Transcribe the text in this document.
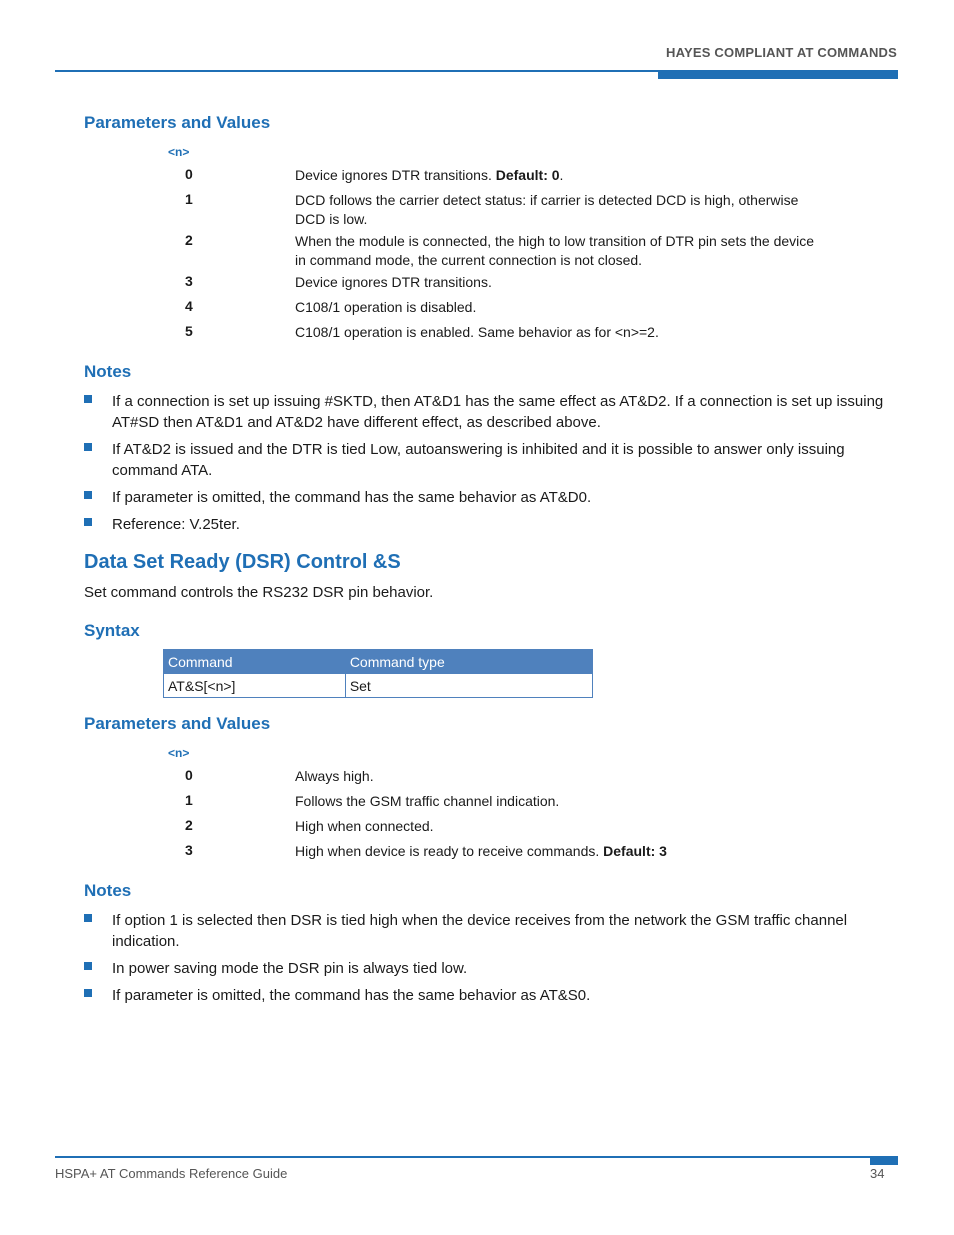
HAYES COMPLIANT AT COMMANDS
Parameters and Values
<n>
0	Device ignores DTR transitions. Default: 0.
1	DCD follows the carrier detect status: if carrier is detected DCD is high, otherwise DCD is low.
2	When the module is connected, the high to low transition of DTR pin sets the device in command mode, the current connection is not closed.
3	Device ignores DTR transitions.
4	C108/1 operation is disabled.
5	C108/1 operation is enabled. Same behavior as for <n>=2.
Notes
If a connection is set up issuing #SKTD, then AT&D1 has the same effect as AT&D2. If a connection is set up issuing AT#SD then AT&D1 and AT&D2 have different effect, as described above.
If AT&D2 is issued and the DTR is tied Low, autoanswering is inhibited and it is possible to answer only issuing command ATA.
If parameter is omitted, the command has the same behavior as AT&D0.
Reference: V.25ter.
Data Set Ready (DSR) Control &S
Set command controls the RS232 DSR pin behavior.
Syntax
Command	Command type
AT&S[<n>]	Set
Parameters and Values
<n>
0	Always high.
1	Follows the GSM traffic channel indication.
2	High when connected.
3	High when device is ready to receive commands. Default: 3
Notes
If option 1 is selected then DSR is tied high when the device receives from the network the GSM traffic channel indication.
In power saving mode the DSR pin is always tied low.
If parameter is omitted, the command has the same behavior as AT&S0.
HSPA+ AT Commands Reference Guide	34
